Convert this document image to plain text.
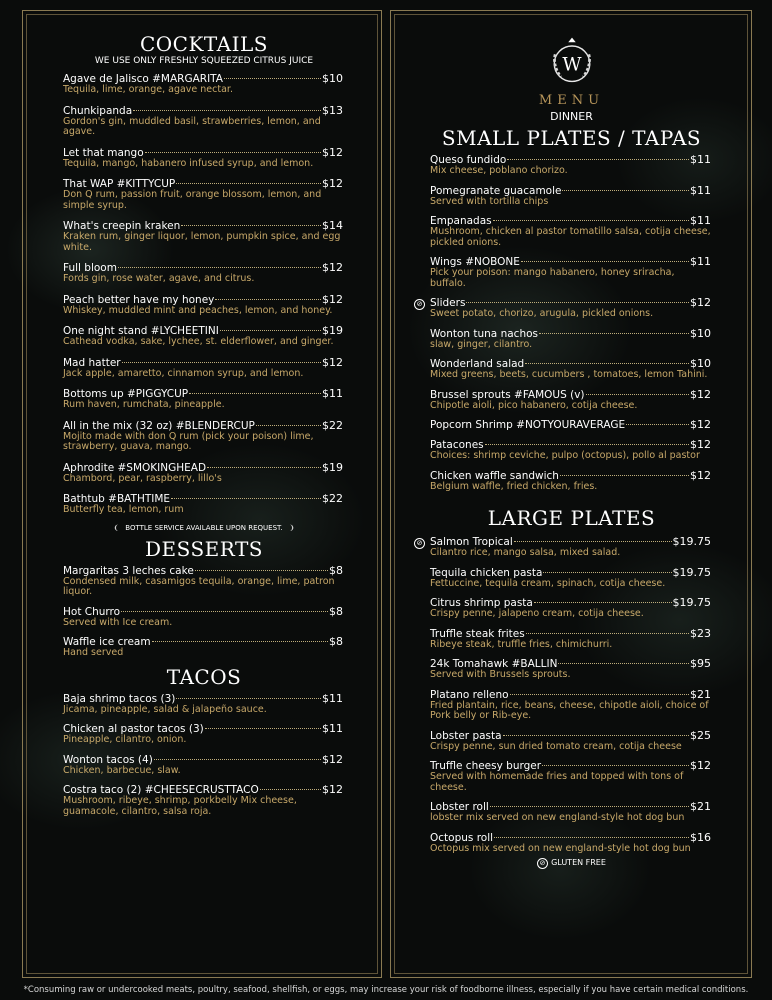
COCKTAILS
WE USE ONLY FRESHLY SQUEEZED CITRUS JUICE
Agave de Jalisco #MARGARITA	$10
Tequila, lime, orange, agave nectar.
Chunkipanda	$13
Gordon's gin, muddled basil, strawberries, lemon, and agave.
Let that mango	$12
Tequila, mango, habanero infused syrup, and lemon.
That WAP #KITTYCUP	$12
Don Q rum, passion fruit, orange blossom, lemon, and simple syrup.
What's creepin kraken	$14
Kraken rum, ginger liquor, lemon, pumpkin spice, and egg white.
Full bloom	$12
Fords gin, rose water, agave, and citrus.
Peach better have my honey	$12
Whiskey, muddled mint and peaches, lemon, and honey.
One night stand #LYCHEETINI	$19
Cathead vodka, sake, lychee, st. elderflower, and ginger.
Mad hatter	$12
Jack apple, amaretto, cinnamon syrup, and lemon.
Bottoms up #PIGGYCUP	$11
Rum haven, rumchata, pineapple.
All in the mix (32 oz) #BLENDERCUP	$22
Mojito made with don Q rum (pick your poison) lime, strawberry, guava, mango.
Aphrodite #SMOKINGHEAD	$19
Chambord, pear, raspberry, lillo's
Bathtub #BATHTIME	$22
Butterfly tea, lemon, rum
❨ BOTTLE SERVICE AVAILABLE UPON REQUEST. ❩
DESSERTS
Margaritas 3 leches cake	$8
Condensed milk, casamigos tequila, orange, lime, patron liquor.
Hot Churro	$8
Served with Ice cream.
Waffle ice cream	$8
Hand served
TACOS
Baja shrimp tacos (3)	$11
Jicama, pineapple, salad & jalapeño sauce.
Chicken al pastor tacos (3)	$11
Pineapple, cilantro, onion.
Wonton tacos (4)	$12
Chicken, barbecue, slaw.
Costra taco (2) #CHEESECRUSTTACO	$12
Mushroom, ribeye, shrimp, porkbelly Mix cheese, guamacole, cilantro, salsa roja.
W
MENU
DINNER
SMALL PLATES / TAPAS
Queso fundido	$11
Mix cheese, poblano chorizo.
Pomegranate guacamole	$11
Served with tortilla chips
Empanadas	$11
Mushroom, chicken al pastor tomatillo salsa, cotija cheese, pickled onions.
Wings #NOBONE	$11
Pick your poison: mango habanero, honey sriracha, buffalo.
⊘ Sliders	$12
Sweet potato, chorizo, arugula, pickled onions.
Wonton tuna nachos	$10
slaw, ginger, cilantro.
Wonderland salad	$10
Mixed greens, beets, cucumbers , tomatoes, lemon Tahini.
Brussel sprouts #FAMOUS (v)	$12
Chipotle aioli, pico habanero, cotija cheese.
Popcorn Shrimp #NOTYOURAVERAGE	$12
Patacones	$12
Choices: shrimp ceviche, pulpo (octopus), pollo al pastor
Chicken waffle sandwich	$12
Belgium waffle, fried chicken, fries.
LARGE PLATES
⊘ Salmon Tropical	$19.75
Cilantro rice, mango salsa, mixed salad.
Tequila chicken pasta	$19.75
Fettuccine, tequila cream, spinach, cotija cheese.
Citrus shrimp pasta	$19.75
Crispy penne, jalapeno cream, cotija cheese.
Truffle steak frites	$23
Ribeye steak, truffle fries, chimichurri.
24k Tomahawk #BALLIN	$95
Served with Brussels sprouts.
Platano relleno	$21
Fried plantain, rice, beans, cheese, chipotle aioli, choice of Pork belly or Rib-eye.
Lobster pasta	$25
Crispy penne, sun dried tomato cream, cotija cheese
Truffle cheesy burger	$12
Served with homemade fries and topped with tons of cheese.
Lobster roll	$21
lobster mix served on new england-style hot dog bun
Octopus roll	$16
Octopus mix served on new england-style hot dog bun
⊘ GLUTEN FREE
*Consuming raw or undercooked meats, poultry, seafood, shellfish, or eggs, may increase your risk of foodborne illness, especially if you have certain medical conditions.
